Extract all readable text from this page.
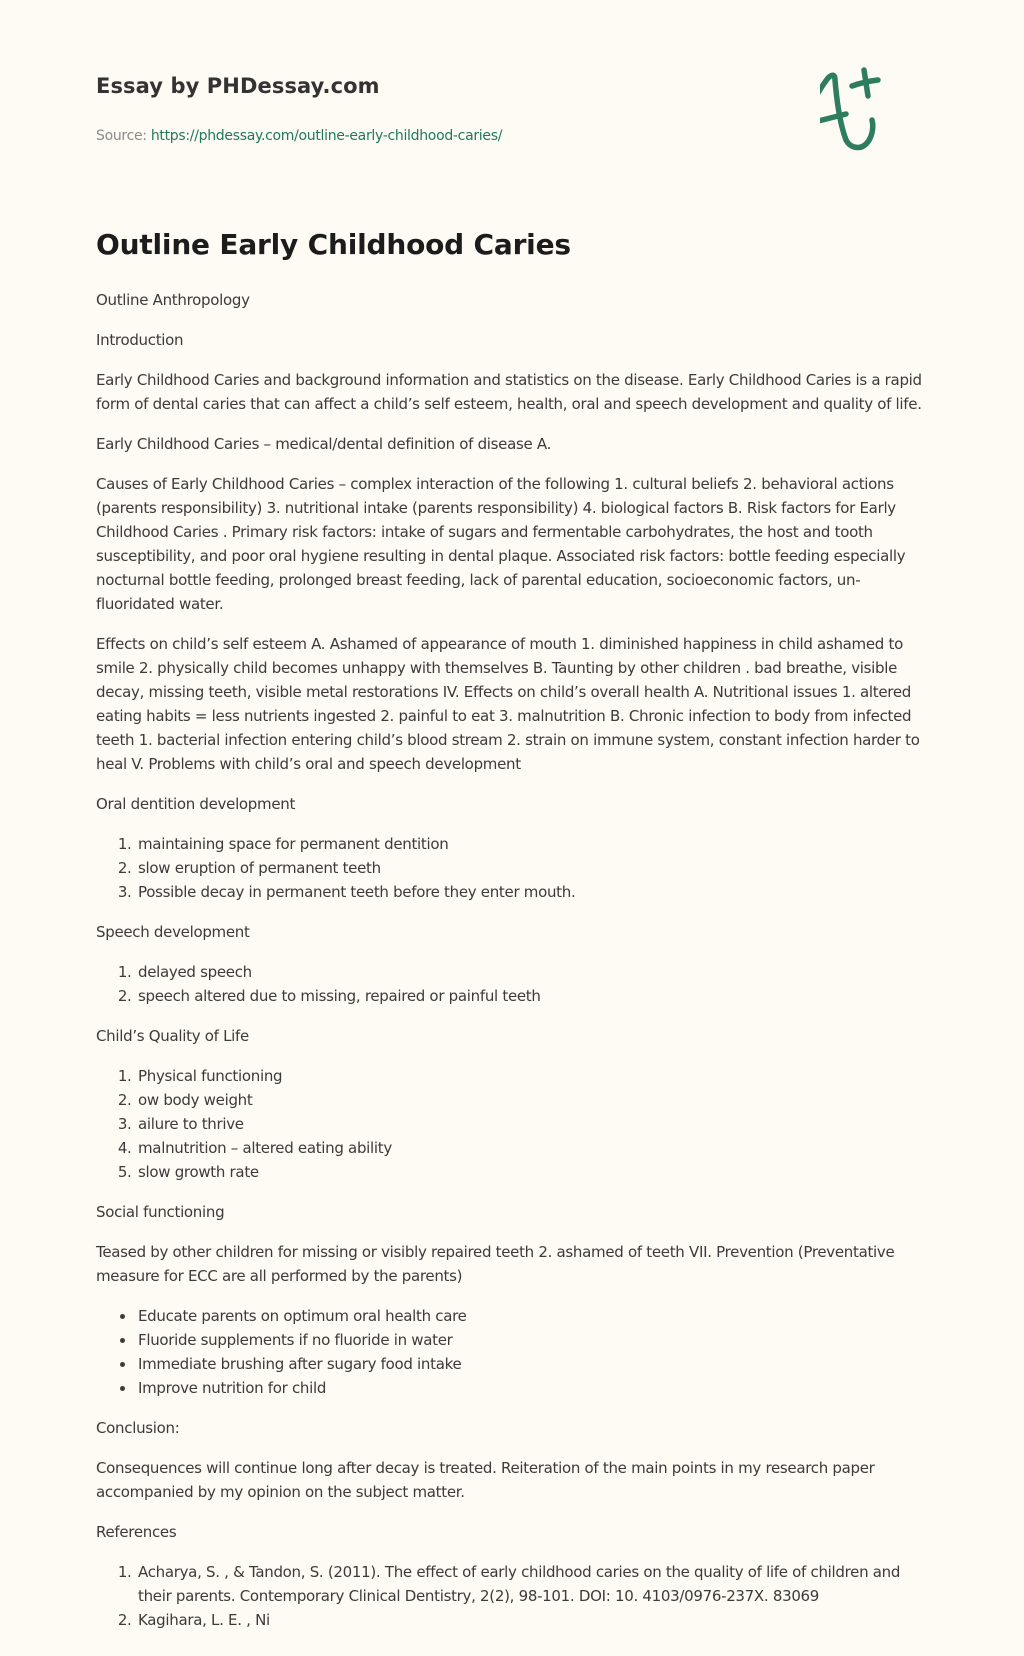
Essay by PHDessay.com

Source: https://phdessay.com/outline-early-childhood-caries/

Outline Early Childhood Caries

Outline Anthropology

Introduction

Early Childhood Caries and background information and statistics on the disease. Early Childhood Caries is a rapid form of dental caries that can affect a child’s self esteem, health, oral and speech development and quality of life.

Early Childhood Caries – medical/dental definition of disease A.

Causes of Early Childhood Caries – complex interaction of the following 1. cultural beliefs 2. behavioral actions (parents responsibility) 3. nutritional intake (parents responsibility) 4. biological factors B. Risk factors for Early Childhood Caries . Primary risk factors: intake of sugars and fermentable carbohydrates, the host and tooth susceptibility, and poor oral hygiene resulting in dental plaque. Associated risk factors: bottle feeding especially nocturnal bottle feeding, prolonged breast feeding, lack of parental education, socioeconomic factors, un-fluoridated water.

Effects on child’s self esteem A. Ashamed of appearance of mouth 1. diminished happiness in child ashamed to smile 2. physically child becomes unhappy with themselves B. Taunting by other children . bad breathe, visible decay, missing teeth, visible metal restorations IV. Effects on child’s overall health A. Nutritional issues 1. altered eating habits = less nutrients ingested 2. painful to eat 3. malnutrition B. Chronic infection to body from infected teeth 1. bacterial infection entering child’s blood stream 2. strain on immune system, constant infection harder to heal V. Problems with child’s oral and speech development

Oral dentition development

1. maintaining space for permanent dentition
2. slow eruption of permanent teeth
3. Possible decay in permanent teeth before they enter mouth.

Speech development

1. delayed speech
2. speech altered due to missing, repaired or painful teeth

Child’s Quality of Life

1. Physical functioning
2. ow body weight
3. ailure to thrive
4. malnutrition – altered eating ability
5. slow growth rate

Social functioning

Teased by other children for missing or visibly repaired teeth 2. ashamed of teeth VII. Prevention (Preventative measure for ECC are all performed by the parents)

• Educate parents on optimum oral health care
• Fluoride supplements if no fluoride in water
• Immediate brushing after sugary food intake
• Improve nutrition for child

Conclusion:

Consequences will continue long after decay is treated. Reiteration of the main points in my research paper accompanied by my opinion on the subject matter.

References

1. Acharya, S. , & Tandon, S. (2011). The effect of early childhood caries on the quality of life of children and their parents. Contemporary Clinical Dentistry, 2(2), 98-101. DOI: 10. 4103/0976-237X. 83069
2. Kagihara, L. E. , Ni
